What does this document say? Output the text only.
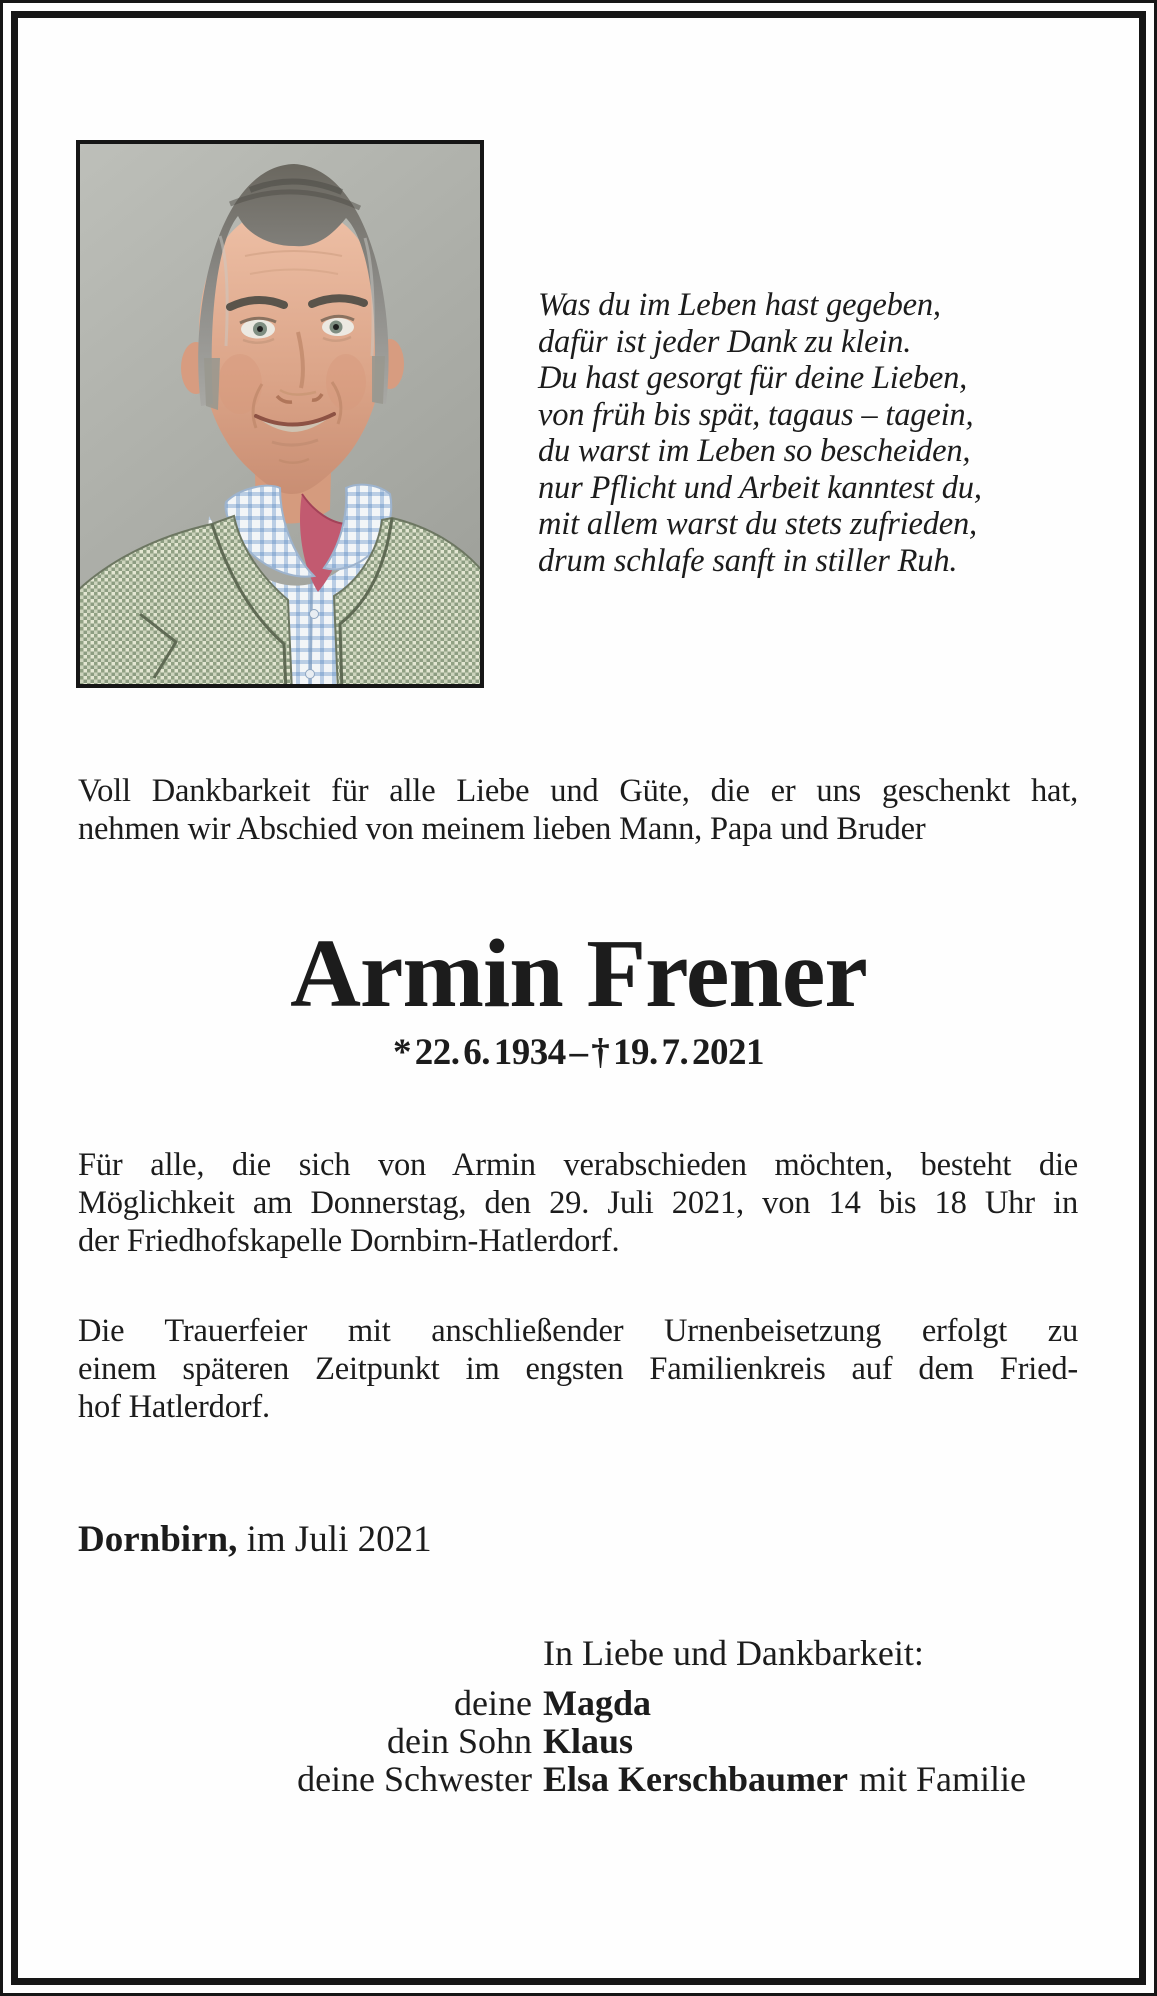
Was du im Leben hast gegeben,
dafür ist jeder Dank zu klein.
Du hast gesorgt für deine Lieben,
von früh bis spät, tagaus – tagein,
du warst im Leben so bescheiden,
nur Pflicht und Arbeit kanntest du,
mit allem warst du stets zufrieden,
drum schlafe sanft in stiller Ruh.
Voll Dankbarkeit für alle Liebe und Güte, die er uns geschenkt hat,
nehmen wir Abschied von meinem lieben Mann, Papa und Bruder
Armin Frener
* 22. 6. 1934 – † 19. 7. 2021
Für alle, die sich von Armin verabschieden möchten, besteht die
Möglichkeit am Donnerstag, den 29. Juli 2021, von 14 bis 18 Uhr in
der Friedhofskapelle Dornbirn-Hatlerdorf.
Die Trauerfeier mit anschließender Urnenbeisetzung erfolgt zu
einem späteren Zeitpunkt im engsten Familienkreis auf dem Fried-
hof Hatlerdorf.
Dornbirn, im Juli 2021
In Liebe und Dankbarkeit:
deine Magda
dein Sohn Klaus
deine Schwester Elsa Kerschbaumer mit Familie
